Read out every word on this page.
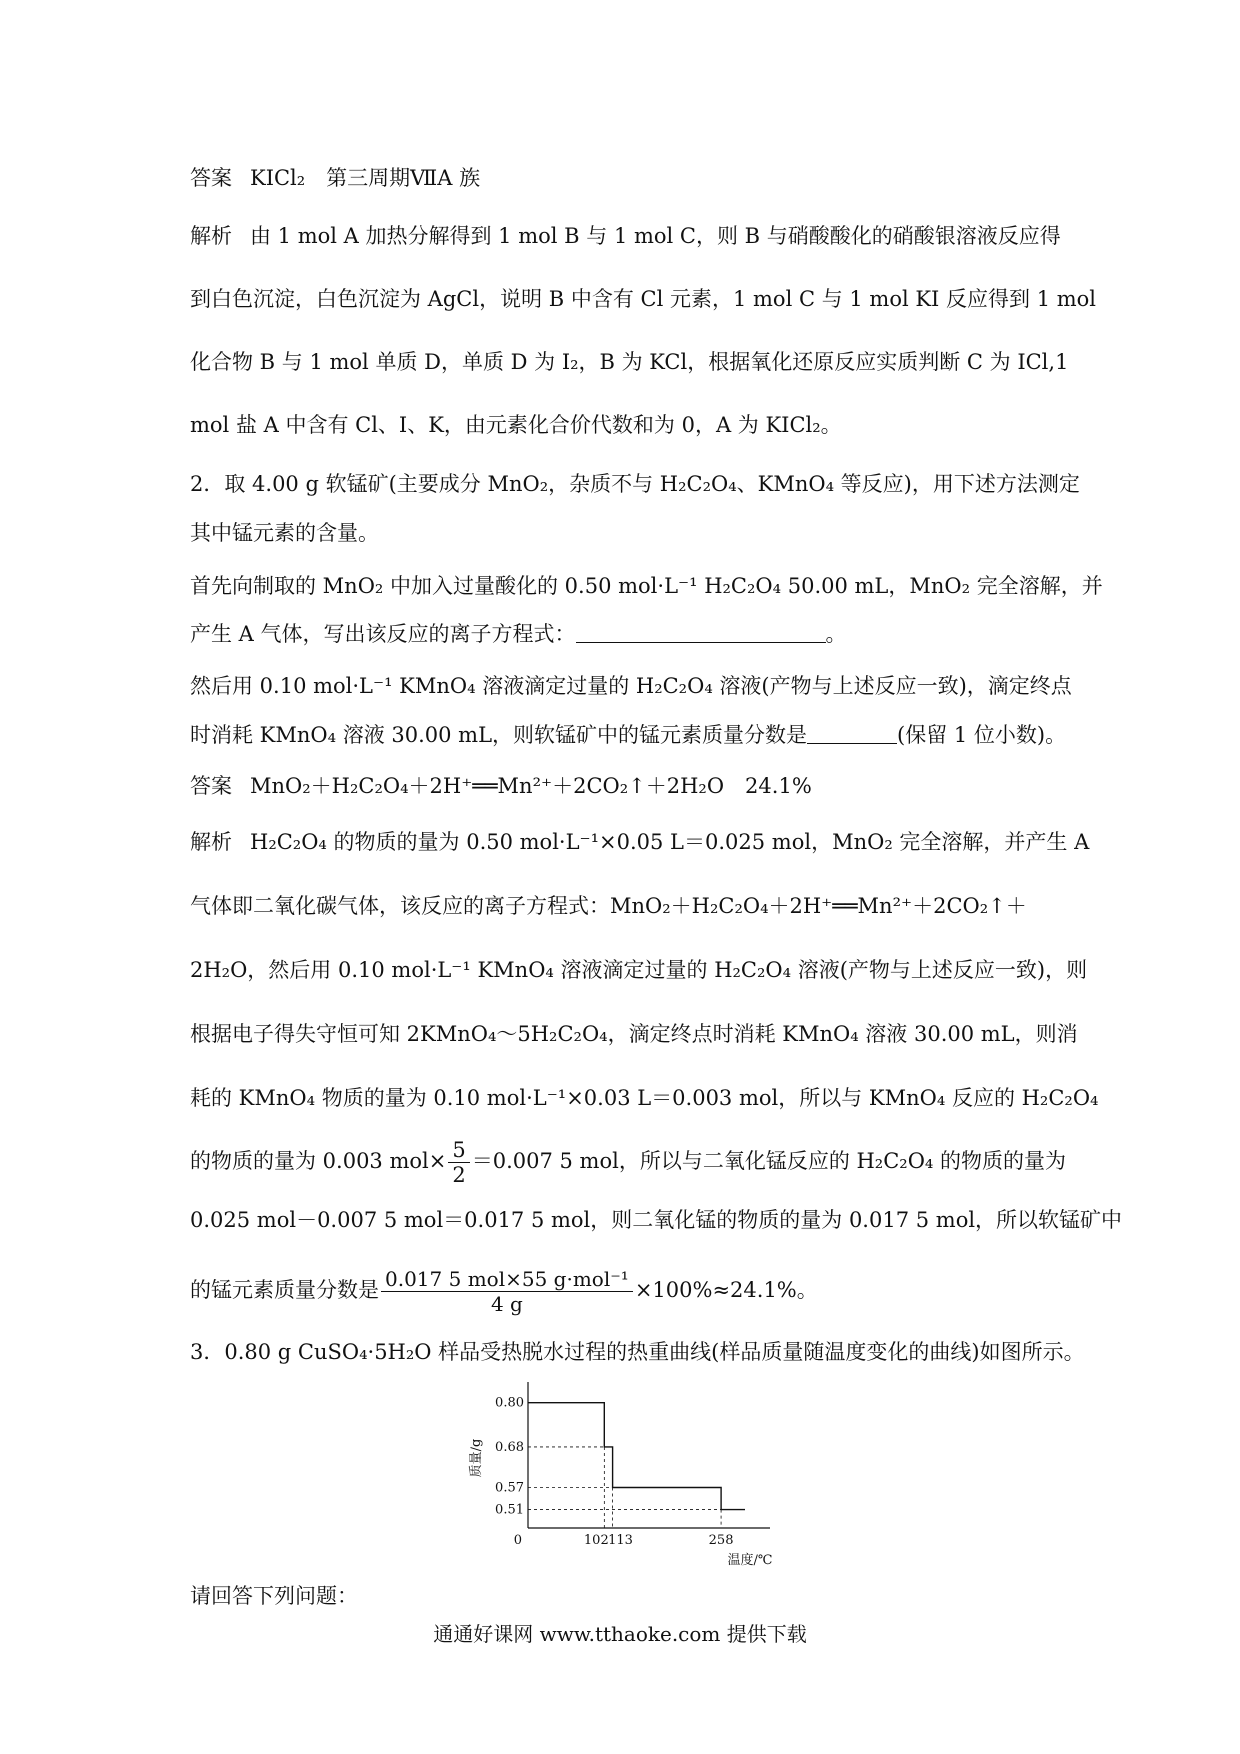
答案 KICl₂　第三周期ⅦA 族
解析 由 1 mol A 加热分解得到 1 mol B 与 1 mol C，则 B 与硝酸酸化的硝酸银溶液反应得
到白色沉淀，白色沉淀为 AgCl，说明 B 中含有 Cl 元素，1 mol C 与 1 mol KI 反应得到 1 mol
化合物 B 与 1 mol 单质 D，单质 D 为 I₂，B 为 KCl，根据氧化还原反应实质判断 C 为 ICl,1
mol 盐 A 中含有 Cl、I、K，由元素化合价代数和为 0，A 为 KICl₂。
2．取 4.00 g 软锰矿(主要成分 MnO₂，杂质不与 H₂C₂O₄、KMnO₄ 等反应)，用下述方法测定
其中锰元素的含量。
首先向制取的 MnO₂ 中加入过量酸化的 0.50 mol·L⁻¹ H₂C₂O₄ 50.00 mL，MnO₂ 完全溶解，并
产生 A 气体，写出该反应的离子方程式：	。
然后用 0.10 mol·L⁻¹ KMnO₄ 溶液滴定过量的 H₂C₂O₄ 溶液(产物与上述反应一致)，滴定终点
时消耗 KMnO₄ 溶液 30.00 mL，则软锰矿中的锰元素质量分数是	(保留 1 位小数)。
答案 MnO₂＋H₂C₂O₄＋2H⁺══Mn²⁺＋2CO₂↑＋2H₂O　24.1%
解析 H₂C₂O₄ 的物质的量为 0.50 mol·L⁻¹×0.05 L＝0.025 mol，MnO₂ 完全溶解，并产生 A
气体即二氧化碳气体，该反应的离子方程式：MnO₂＋H₂C₂O₄＋2H⁺══Mn²⁺＋2CO₂↑＋
2H₂O，然后用 0.10 mol·L⁻¹ KMnO₄ 溶液滴定过量的 H₂C₂O₄ 溶液(产物与上述反应一致)，则
根据电子得失守恒可知 2KMnO₄～5H₂C₂O₄，滴定终点时消耗 KMnO₄ 溶液 30.00 mL，则消
耗的 KMnO₄ 物质的量为 0.10 mol·L⁻¹×0.03 L＝0.003 mol，所以与 KMnO₄ 反应的 H₂C₂O₄
的物质的量为 0.003 $mol\times \frac{5}{2} =0.007$ 5 mol，所以与二氧化锰反应的 H₂C₂O₄ 的物质的量为
0.025 mol－0.007 5 mol＝0.017 5 mol，则二氧化锰的物质的量为 0.017 5 mol，所以软锰矿中
的锰元素质量分数是 $\frac{\text{0.017 5 mol×55 g·mol⁻¹}}{4 g} \times 100\%\approx 24.1\%$。
3．0.80 g CuSO₄·5H₂O 样品受热脱水过程的热重曲线(样品质量随温度变化的曲线)如图所示。
0.80
0.68
0.57
0.51
102 113	258
0
质量/g
温度/℃
请回答下列问题：
通通好课网 www.tthaoke.com 提供下载
